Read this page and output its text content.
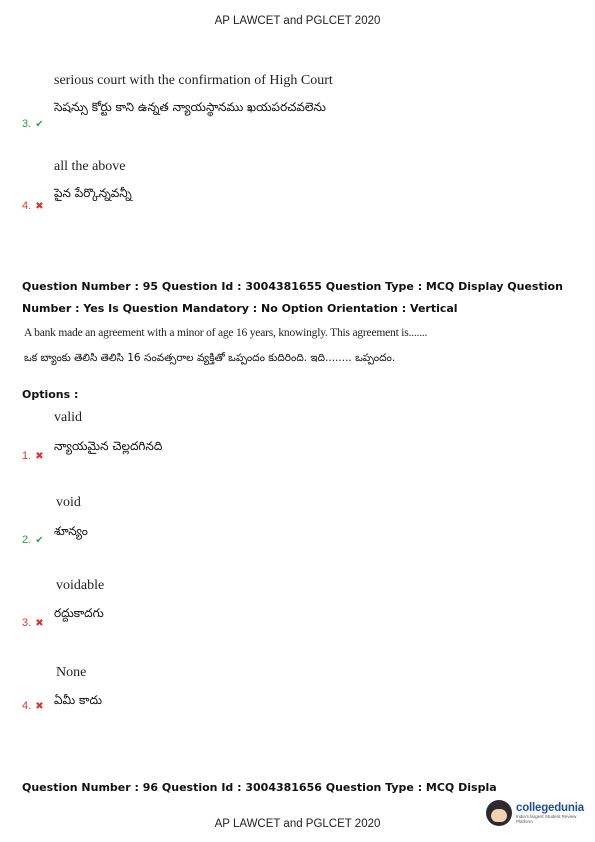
AP LAWCET and PGLCET 2020
serious court with the confirmation of High Court
సెషన్సు కోర్టు కాని ఉన్నత న్యాయస్థానము ఖయపరచవలెను
3. ✔
all the above
పైన పేర్కొన్నవన్నీ
4. ✖
Question Number : 95 Question Id : 3004381655 Question Type : MCQ Display Question
Number : Yes Is Question Mandatory : No Option Orientation : Vertical
A bank made an agreement with a minor of age 16 years, knowingly. This agreement is.......
ఒక బ్యాంకు తెలిసి తెలిసి 16 సంవత్సరాల వ్యక్తితో ఒప్పందం కుదిరింది. ఇది........ ఒప్పందం.
Options :
valid
న్యాయమైన చెల్లదగినది
1. ✖
void
శూన్యం
2. ✔
voidable
రద్దుకాదగు
3. ✖
None
ఏమీ కాదు
4. ✖
Question Number : 96 Question Id : 3004381656 Question Type : MCQ Displa
AP LAWCET and PGLCET 2020
collegedunia
India's largest Student Review Platform
